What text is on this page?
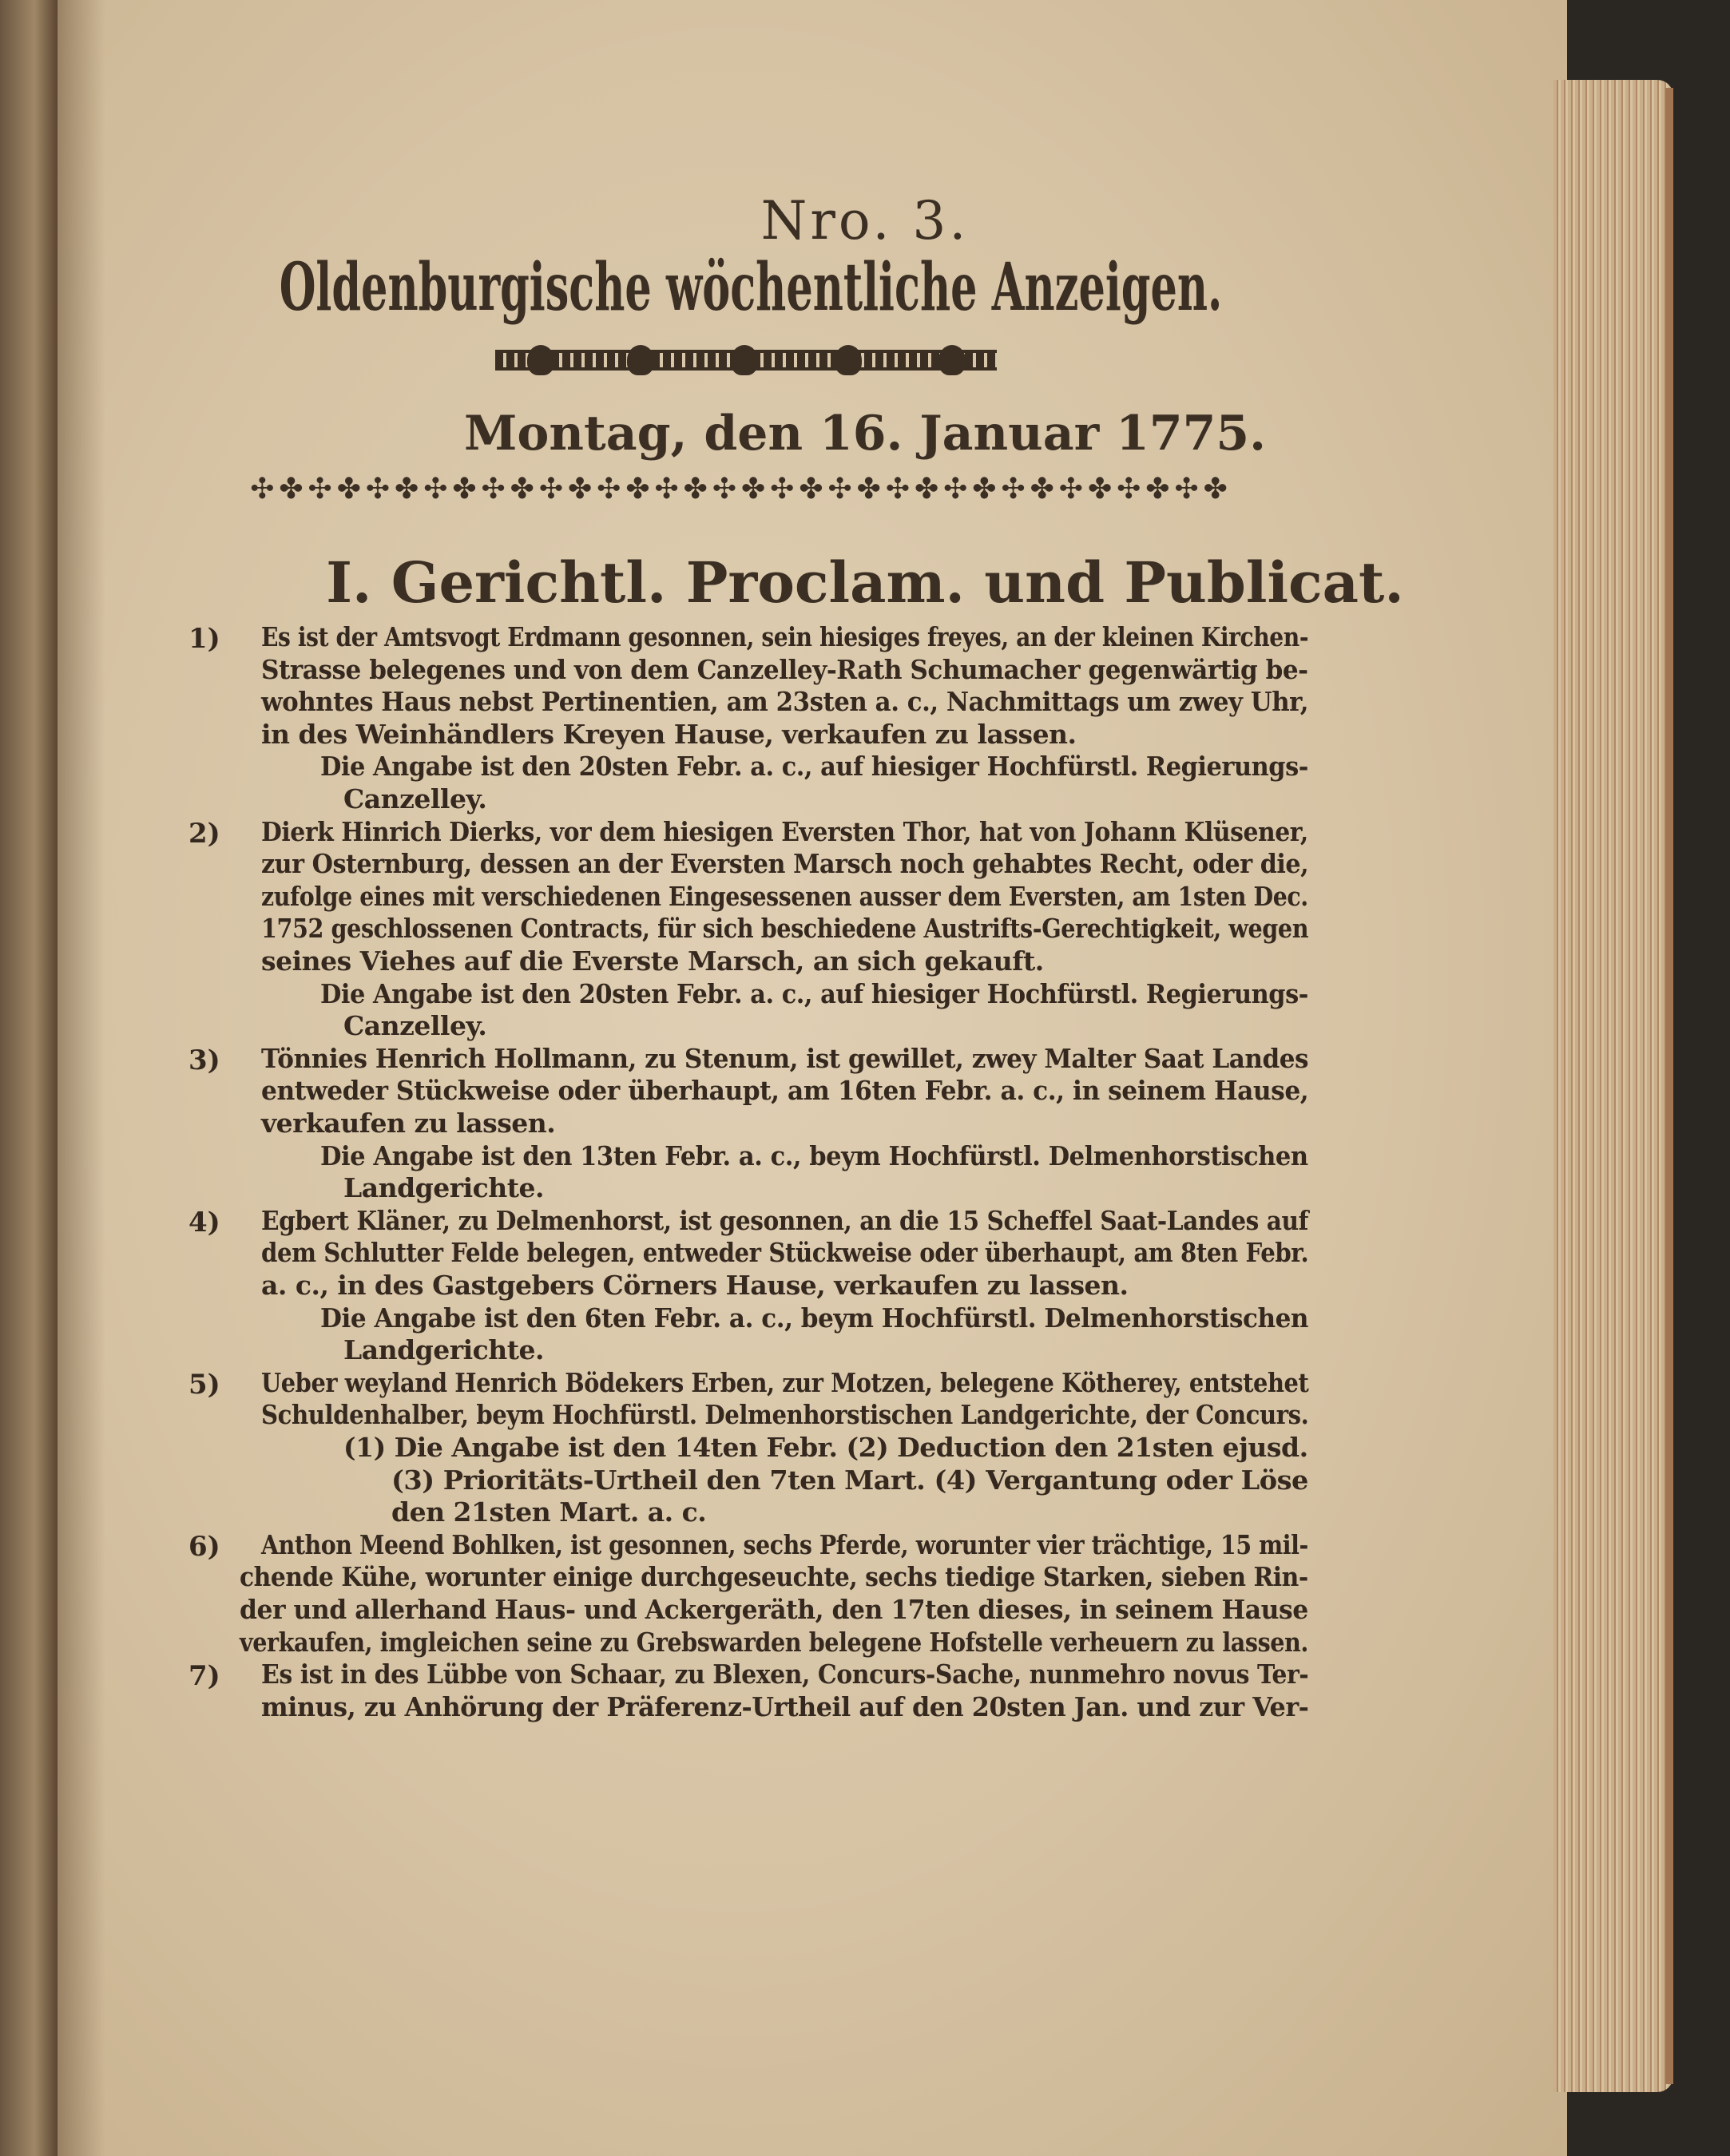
Nro. 3.
Oldenburgische wöchentliche Anzeigen.
Montag, den 16. Januar 1775.
✣✤✣✤✣✤✣✤✣✤✣✤✣✤✣✤✣✤✣✤✣✤✣✤✣✤✣✤✣✤✣✤✣✤
I. Gerichtl. Proclam. und Publicat.
1) Es ist der Amtsvogt Erdmann gesonnen, sein hiesiges freyes, an der kleinen Kirchen-
Strasse belegenes und von dem Canzelley-Rath Schumacher gegenwärtig be-
wohntes Haus nebst Pertinentien, am 23sten a. c., Nachmittags um zwey Uhr,
in des Weinhändlers Kreyen Hause, verkaufen zu lassen.
Die Angabe ist den 20sten Febr. a. c., auf hiesiger Hochfürstl. Regierungs-
Canzelley.
2) Dierk Hinrich Dierks, vor dem hiesigen Eversten Thor, hat von Johann Klüsener,
zur Osternburg, dessen an der Eversten Marsch noch gehabtes Recht, oder die,
zufolge eines mit verschiedenen Eingesessenen ausser dem Eversten, am 1sten Dec.
1752 geschlossenen Contracts, für sich beschiedene Austrifts-Gerechtigkeit, wegen
seines Viehes auf die Everste Marsch, an sich gekauft.
Die Angabe ist den 20sten Febr. a. c., auf hiesiger Hochfürstl. Regierungs-
Canzelley.
3) Tönnies Henrich Hollmann, zu Stenum, ist gewillet, zwey Malter Saat Landes
entweder Stückweise oder überhaupt, am 16ten Febr. a. c., in seinem Hause,
verkaufen zu lassen.
Die Angabe ist den 13ten Febr. a. c., beym Hochfürstl. Delmenhorstischen
Landgerichte.
4) Egbert Kläner, zu Delmenhorst, ist gesonnen, an die 15 Scheffel Saat-Landes auf
dem Schlutter Felde belegen, entweder Stückweise oder überhaupt, am 8ten Febr.
a. c., in des Gastgebers Cörners Hause, verkaufen zu lassen.
Die Angabe ist den 6ten Febr. a. c., beym Hochfürstl. Delmenhorstischen
Landgerichte.
5) Ueber weyland Henrich Bödekers Erben, zur Motzen, belegene Kötherey, entstehet
Schuldenhalber, beym Hochfürstl. Delmenhorstischen Landgerichte, der Concurs.
(1) Die Angabe ist den 14ten Febr. (2) Deduction den 21sten ejusd.
(3) Prioritäts-Urtheil den 7ten Mart. (4) Vergantung oder Löse
den 21sten Mart. a. c.
6) Anthon Meend Bohlken, ist gesonnen, sechs Pferde, worunter vier trächtige, 15 mil-
chende Kühe, worunter einige durchgeseuchte, sechs tiedige Starken, sieben Rin-
der und allerhand Haus- und Ackergeräth, den 17ten dieses, in seinem Hause
verkaufen, imgleichen seine zu Grebswarden belegene Hofstelle verheuern zu lassen.
7) Es ist in des Lübbe von Schaar, zu Blexen, Concurs-Sache, nunmehro novus Ter-
minus, zu Anhörung der Präferenz-Urtheil auf den 20sten Jan. und zur Ver-
